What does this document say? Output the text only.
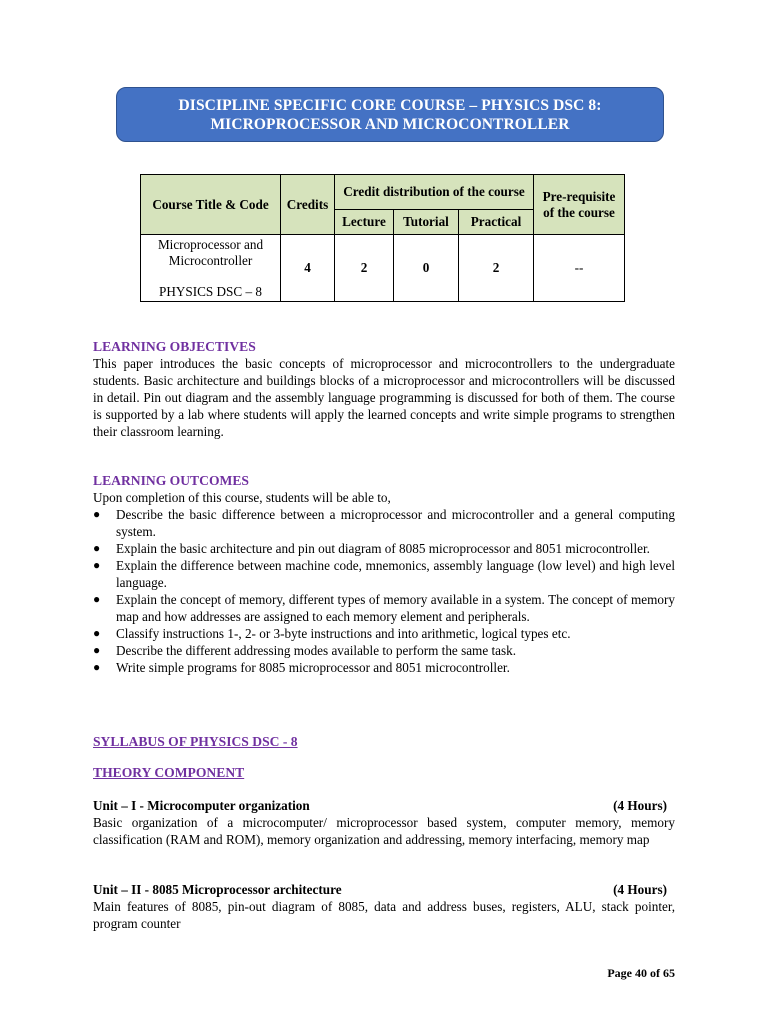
DISCIPLINE SPECIFIC CORE COURSE – PHYSICS DSC 8:
MICROPROCESSOR AND MICROCONTROLLER
Course Title & Code	Credits	Credit distribution of the course			Pre-requisite of the course
		Lecture	Tutorial	Practical	

Microprocessor and
Microcontroller
PHYSICS DSC – 8	4	2	0	2	--
LEARNING OBJECTIVES
This paper introduces the basic concepts of microprocessor and microcontrollers to the undergraduate students. Basic architecture and buildings blocks of a microprocessor and microcontrollers will be discussed in detail. Pin out diagram and the assembly language programming is discussed for both of them. The course is supported by a lab where students will apply the learned concepts and write simple programs to strengthen their classroom learning.
LEARNING OUTCOMES
Upon completion of this course, students will be able to,
● Describe the basic difference between a microprocessor and microcontroller and a general computing system.
● Explain the basic architecture and pin out diagram of 8085 microprocessor and 8051 microcontroller.
● Explain the difference between machine code, mnemonics, assembly language (low level) and high level language.
● Explain the concept of memory, different types of memory available in a system. The concept of memory map and how addresses are assigned to each memory element and peripherals.
● Classify instructions 1-, 2- or 3-byte instructions and into arithmetic, logical types etc.
● Describe the different addressing modes available to perform the same task.
● Write simple programs for 8085 microprocessor and 8051 microcontroller.
SYLLABUS OF PHYSICS DSC - 8
THEORY COMPONENT
Unit – I - Microcomputer organization	(4 Hours)
Basic organization of a microcomputer/ microprocessor based system, computer memory, memory classification (RAM and ROM), memory organization and addressing, memory interfacing, memory map
Unit – II - 8085 Microprocessor architecture	(4 Hours)
Main features of 8085, pin-out diagram of 8085, data and address buses, registers, ALU, stack pointer, program counter
Page 40 of 65
